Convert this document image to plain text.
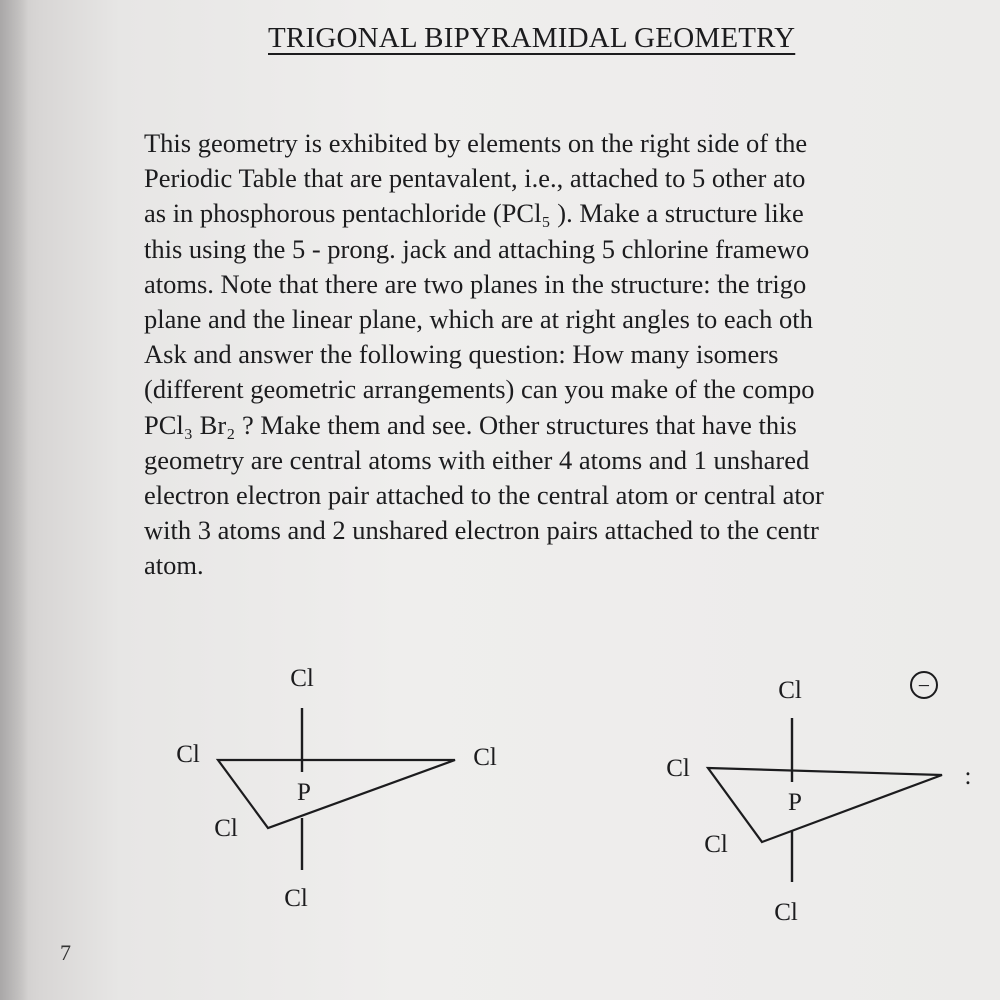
TRIGONAL BIPYRAMIDAL GEOMETRY
This geometry is exhibited by elements on the right side of the
Periodic Table that are pentavalent, i.e., attached to 5 other ato
as in phosphorous pentachloride (PCl₅ ). Make a structure like
this using the 5 - prong. jack and attaching 5 chlorine framewo
atoms. Note that there are two planes in the structure: the trigo
plane and the linear plane, which are at right angles to each oth
Ask and answer the following question: How many isomers
(different geometric arrangements) can you make of the compo
PCl₃ Br₂ ? Make them and see. Other structures that have this
geometry are central atoms with either 4 atoms and 1 unshared
electron electron pair attached to the central atom or central ator
with 3 atoms and 2 unshared electron pairs attached to the centr
atom.
Cl
Cl	Cl
P
Cl
Cl
Cl
Cl
P
Cl
Cl
:
−
7
